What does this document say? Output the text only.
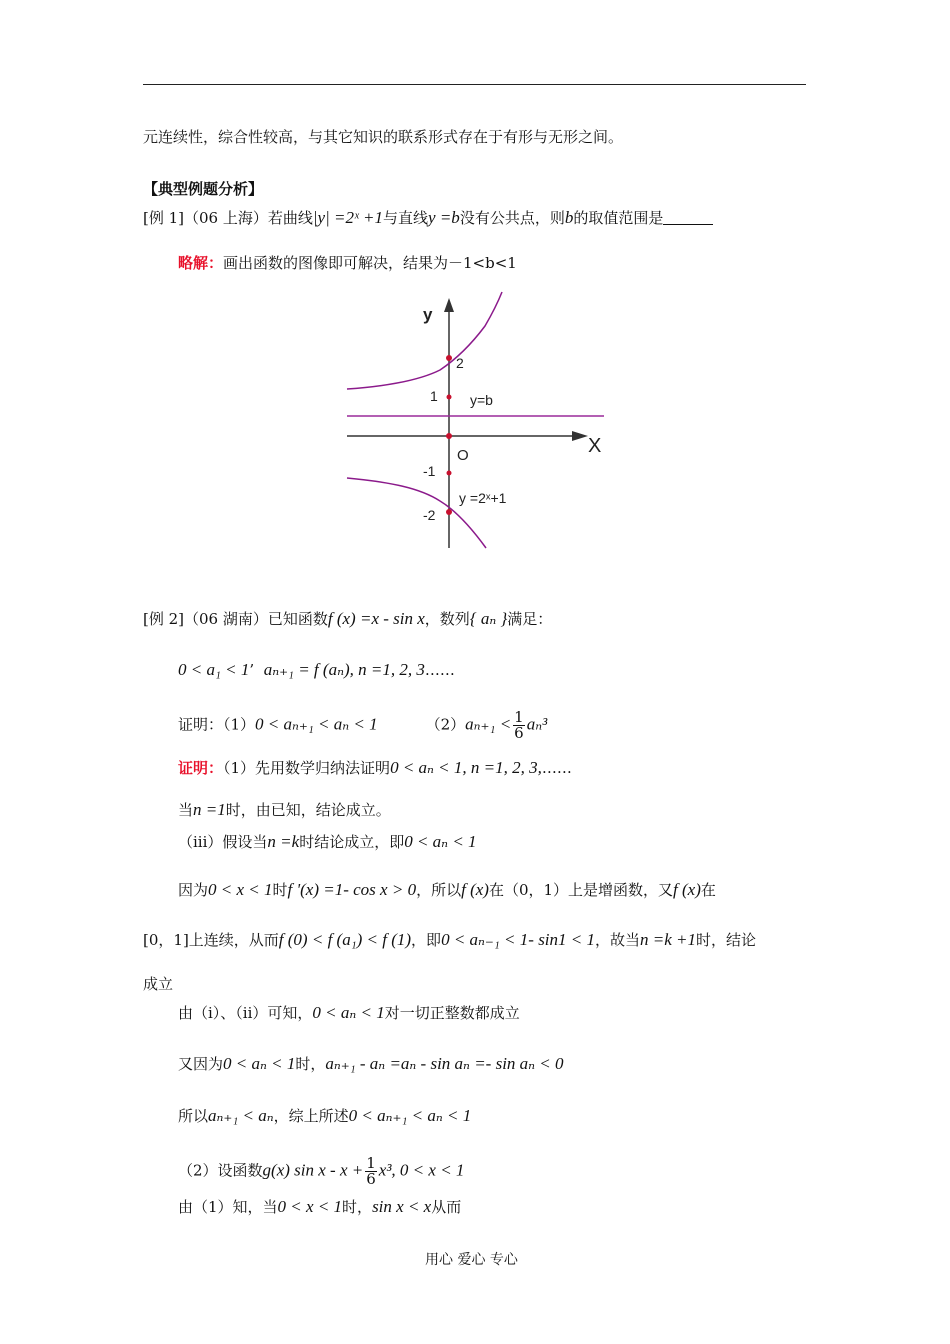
元连续性，综合性较高，与其它知识的联系形式存在于有形与无形之间。
【典型例题分析】
[例 1]（06 上海）若曲线|y| =2ˣ +1与直线y =b没有公共点，则b的取值范围是
略解：画出函数的图像即可解决，结果为－1<b<1
y
X
O
2
1
-1
-2
y=b
y =2ˣ+1
[例 2]（06 湖南）已知函数f (x) =x - sin x，数列{ aₙ }满足：
0 < a₁ < 1’ aₙ₊₁ = f (aₙ), n =1, 2, 3……
证明：（1）0 < aₙ₊₁ < aₙ < 1	$(2)a_{n+1} < \frac{1}{6} a_n^3$
证明：（1）先用数学归纳法证明0 < aₙ < 1, n =1, 2, 3,……
当n =1时，由已知，结论成立。
（iii）假设当n =k时结论成立，即0 < aₙ < 1
因为0 < x < 1时f '(x) =1- cos x > 0，所以f (x)在（0，1）上是增函数，又f (x)在
[0，1]上连续，从而f (0) < f (a₁) < f (1)，即0 < aₙ₋₁ < 1- sin1 < 1，故当n =k +1时，结论
成立
由（i）、（ii）可知，0 < aₙ < 1对一切正整数都成立
又因为0 < aₙ < 1时，aₙ₊₁ - aₙ =aₙ - sin aₙ =- sin aₙ < 0
所以aₙ₊₁ < aₙ，综上所述0 < aₙ₊₁ < aₙ < 1
（2）设函数g(x) $\sin x - x + \frac{1}{6} x^3$, 0 < x < 1
由（1）知，当0 < x < 1时，sin x < x从而
用心 爱心 专心
